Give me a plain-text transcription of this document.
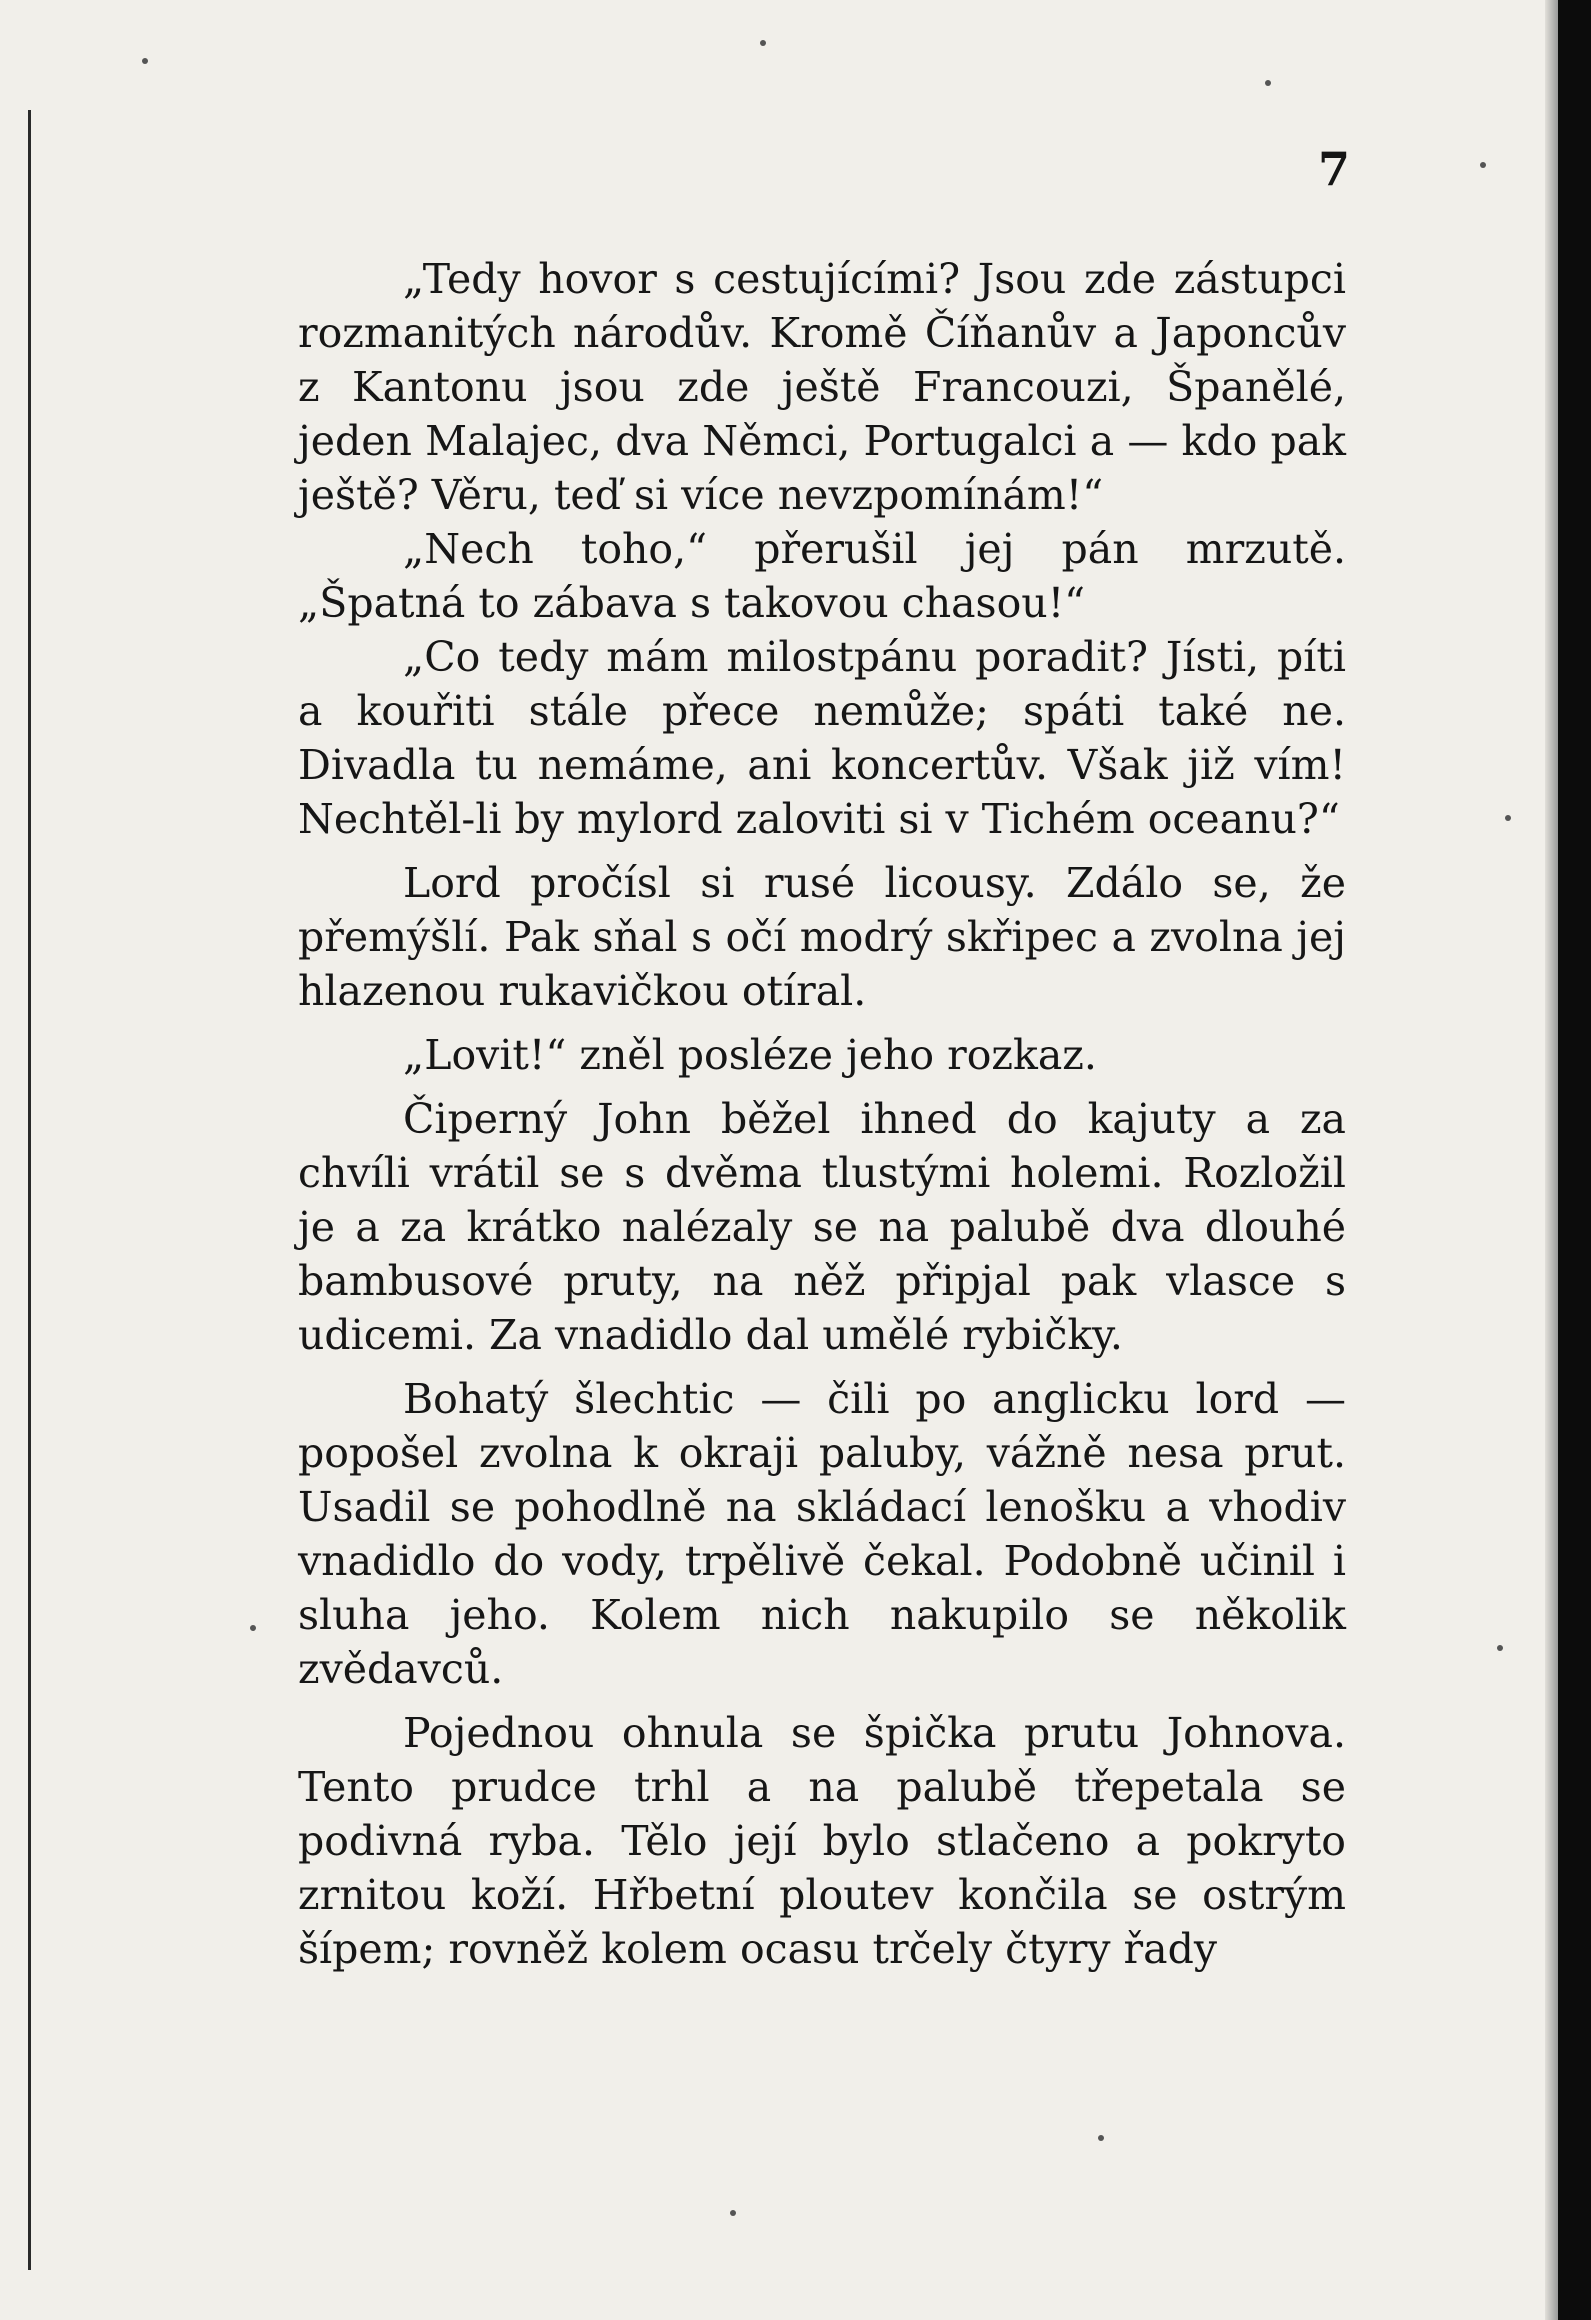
7

„Tedy hovor s cestujícími? Jsou zde zástupci rozmanitých národův. Kromě Číňanův a Japoncův z Kantonu jsou zde ještě Francouzi, Španělé, jeden Malajec, dva Němci, Portugalci a — kdo pak ještě? Věru, teď si více nevzpomínám!“

„Nech toho,“ přerušil jej pán mrzutě. „Špatná to zábava s takovou chasou!“

„Co tedy mám milostpánu poradit? Jísti, píti a kouřiti stále přece nemůže; spáti také ne. Divadla tu nemáme, ani koncertův. Však již vím! Nechtěl-li by mylord zaloviti si v Tichém oceanu?“

Lord pročísl si rusé licousy. Zdálo se, že přemýšlí. Pak sňal s očí modrý skřipec a zvolna jej hlazenou rukavičkou otíral.

„Lovit!“ zněl posléze jeho rozkaz.

Čiperný John běžel ihned do kajuty a za chvíli vrátil se s dvěma tlustými holemi. Rozložil je a za krátko nalézaly se na palubě dva dlouhé bambusové pruty, na něž připjal pak vlasce s udicemi. Za vnadidlo dal umělé rybičky.

Bohatý šlechtic — čili po anglicku lord — popošel zvolna k okraji paluby, vážně nesa prut. Usadil se pohodlně na skládací lenošku a vhodiv vnadidlo do vody, trpělivě čekal. Podobně učinil i sluha jeho. Kolem nich nakupilo se několik zvědavců.

Pojednou ohnula se špička prutu Johnova. Tento prudce trhl a na palubě třepetala se podivná ryba. Tělo její bylo stlačeno a pokryto zrnitou koží. Hřbetní ploutev končila se ostrým šípem; rovněž kolem ocasu trčely čtyry řady
